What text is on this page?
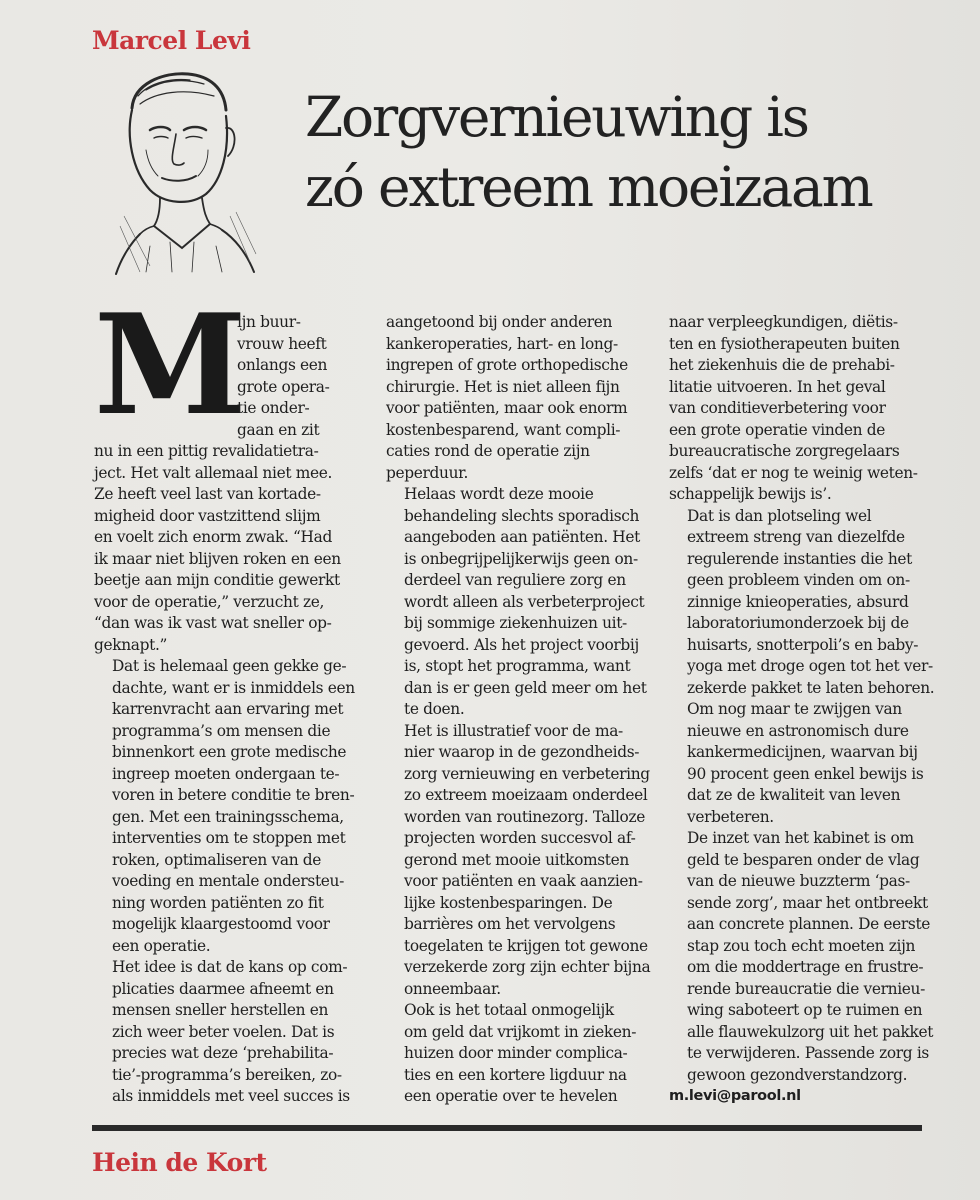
Marcel Levi
Zorgvernieuwing is
zó extreem moeizaam
M

ijn buur-
vrouw heeft
onlangs een
grote opera-
tie onder-
gaan en zit
nu in een pittig revalidatietra-
ject. Het valt allemaal niet mee.
Ze heeft veel last van kortade-
migheid door vastzittend slijm
en voelt zich enorm zwak. “Had
ik maar niet blijven roken en een
beetje aan mijn conditie gewerkt
voor de operatie,” verzucht ze,
“dan was ik vast wat sneller op-
geknapt.”

Dat is helemaal geen gekke ge-
dachte, want er is inmiddels een
karrenvracht aan ervaring met
programma’s om mensen die
binnenkort een grote medische
ingreep moeten ondergaan te-
voren in betere conditie te bren-
gen. Met een trainingsschema,
interventies om te stoppen met
roken, optimaliseren van de
voeding en mentale ondersteu-
ning worden patiënten zo fit
mogelijk klaargestoomd voor
een operatie.

Het idee is dat de kans op com-
plicaties daarmee afneemt en
mensen sneller herstellen en
zich weer beter voelen. Dat is
precies wat deze ‘prehabilita-
tie’-programma’s bereiken, zo-
als inmiddels met veel succes is

aangetoond bij onder anderen
kankeroperaties, hart- en long-
ingrepen of grote orthopedische
chirurgie. Het is niet alleen fijn
voor patiënten, maar ook enorm
kostenbesparend, want compli-
caties rond de operatie zijn
peperduur.

Helaas wordt deze mooie
behandeling slechts sporadisch
aangeboden aan patiënten. Het
is onbegrijpelijkerwijs geen on-
derdeel van reguliere zorg en
wordt alleen als verbeterproject
bij sommige ziekenhuizen uit-
gevoerd. Als het project voorbij
is, stopt het programma, want
dan is er geen geld meer om het
te doen.

Het is illustratief voor de ma-
nier waarop in de gezondheids-
zorg vernieuwing en verbetering
zo extreem moeizaam onderdeel
worden van routinezorg. Talloze
projecten worden succesvol af-
gerond met mooie uitkomsten
voor patiënten en vaak aanzien-
lijke kostenbesparingen. De
barrières om het vervolgens
toegelaten te krijgen tot gewone
verzekerde zorg zijn echter bijna
onneembaar.

Ook is het totaal onmogelijk
om geld dat vrijkomt in zieken-
huizen door minder complica-
ties en een kortere ligduur na
een operatie over te hevelen

naar verpleegkundigen, diëtis-
ten en fysiotherapeuten buiten
het ziekenhuis die de prehabi-
litatie uitvoeren. In het geval
van conditieverbetering voor
een grote operatie vinden de
bureaucratische zorgregelaars
zelfs ‘dat er nog te weinig weten-
schappelijk bewijs is’.

Dat is dan plotseling wel
extreem streng van diezelfde
regulerende instanties die het
geen probleem vinden om on-
zinnige knieoperaties, absurd
laboratoriumonderzoek bij de
huisarts, snotterpoli’s en baby-
yoga met droge ogen tot het ver-
zekerde pakket te laten behoren.
Om nog maar te zwijgen van
nieuwe en astronomisch dure
kankermedicijnen, waarvan bij
90 procent geen enkel bewijs is
dat ze de kwaliteit van leven
verbeteren.

De inzet van het kabinet is om
geld te besparen onder de vlag
van de nieuwe buzzterm ‘pas-
sende zorg’, maar het ontbreekt
aan concrete plannen. De eerste
stap zou toch echt moeten zijn
om die moddertrage en frustre-
rende bureaucratie die vernieu-
wing saboteert op te ruimen en
alle flauwekulzorg uit het pakket
te verwijderen. Passende zorg is
gewoon gezondverstandzorg.

m.levi@parool.nl
Hein de Kort
